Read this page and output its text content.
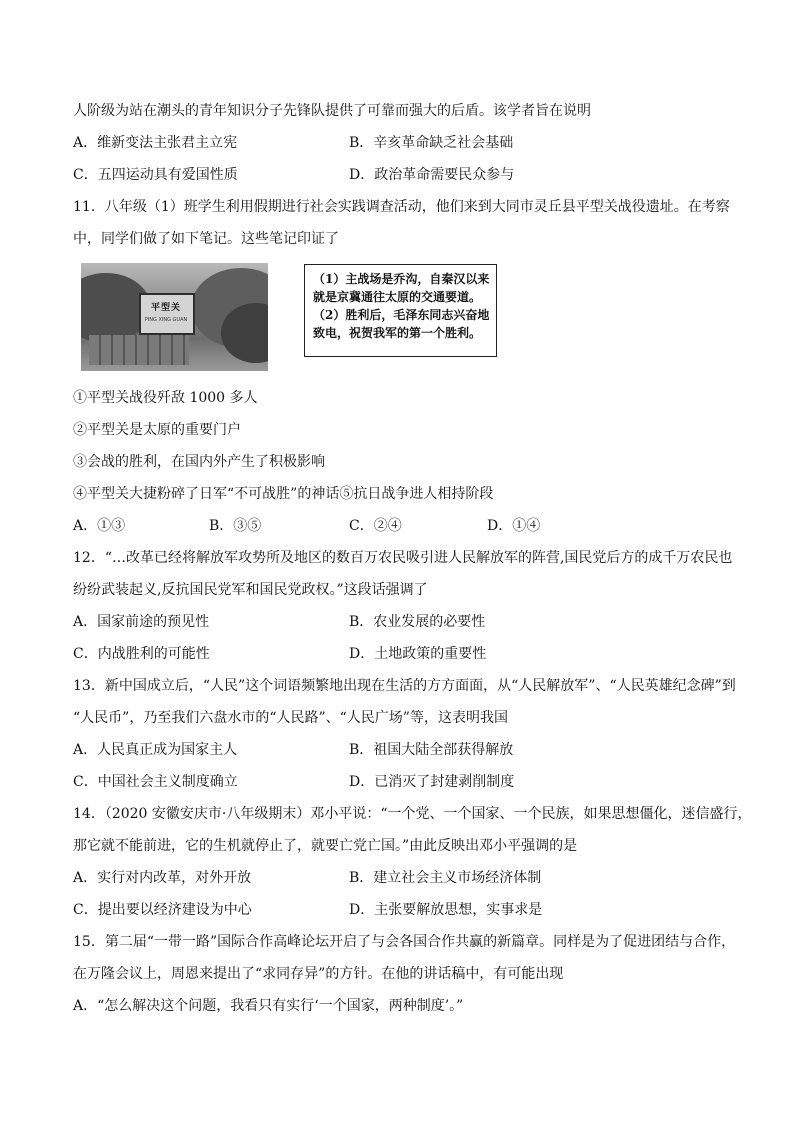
人阶级为站在潮头的青年知识分子先锋队提供了可靠而强大的后盾。该学者旨在说明
A．维新变法主张君主立宪	B．辛亥革命缺乏社会基础
C．五四运动具有爱国性质	D．政治革命需要民众参与
11．八年级（1）班学生利用假期进行社会实践调查活动，他们来到大同市灵丘县平型关战役遗址。在考察
中，同学们做了如下笔记。这些笔记印证了
平型关
PING XING GUAN
（1）主战场是乔沟，自秦汉以来
就是京冀通往太原的交通要道。
（2）胜利后，毛泽东同志兴奋地
致电，祝贺我军的第一个胜利。
①平型关战役歼敌 1000 多人
②平型关是太原的重要门户
③会战的胜利，在国内外产生了积极影响
④平型关大捷粉碎了日军“不可战胜”的神话⑤抗日战争进人相持阶段
A．①③	B．③⑤	C．②④	D．①④
12．“…改革已经将解放军攻势所及地区的数百万农民吸引进人民解放军的阵营,国民党后方的成千万农民也
纷纷武装起义,反抗国民党军和国民党政权。”这段话强调了
A．国家前途的预见性	B．农业发展的必要性
C．内战胜利的可能性	D．土地政策的重要性
13．新中国成立后，“人民”这个词语频繁地出现在生活的方方面面，从“人民解放军”、“人民英雄纪念碑”到
“人民币”，乃至我们六盘水市的“人民路”、“人民广场”等，这表明我国
A．人民真正成为国家主人	B．祖国大陆全部获得解放
C．中国社会主义制度确立	D．已消灭了封建剥削制度
14．（2020 安徽安庆市·八年级期末）邓小平说：“一个党、一个国家、一个民族，如果思想僵化，迷信盛行，
那它就不能前进，它的生机就停止了，就要亡党亡国。”由此反映出邓小平强调的是
A．实行对内改革，对外开放	B．建立社会主义市场经济体制
C．提出要以经济建设为中心	D．主张要解放思想，实事求是
15．第二届“一带一路”国际合作高峰论坛开启了与会各国合作共赢的新篇章。同样是为了促进团结与合作，
在万隆会议上，周恩来提出了“求同存异”的方针。在他的讲话稿中，有可能出现
A．“怎么解决这个问题，我看只有实行‘一个国家，两种制度’。”
